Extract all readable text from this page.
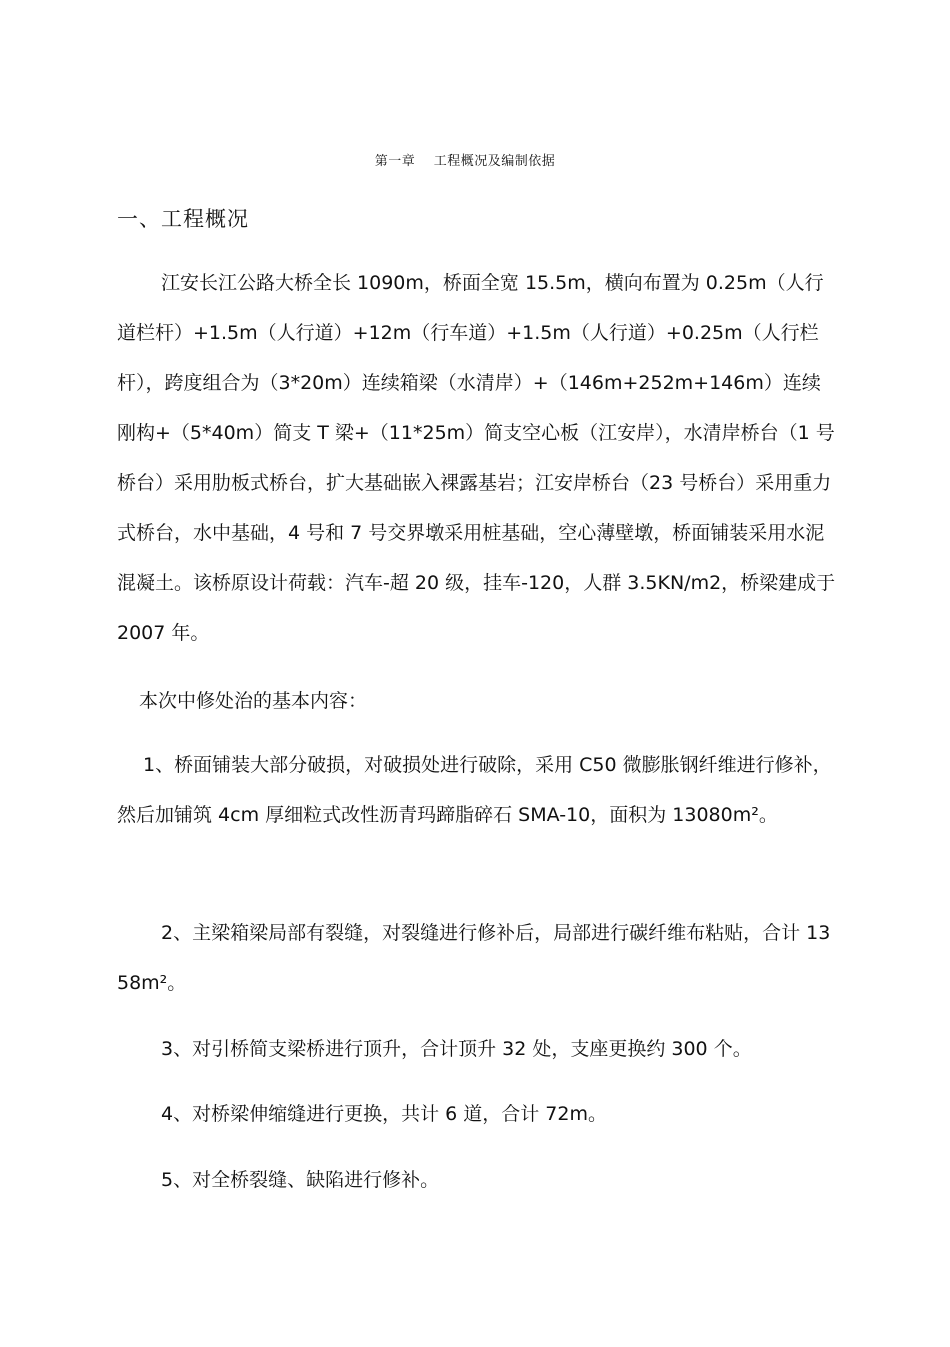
第一章    工程概况及编制依据
一、工程概况
江安长江公路大桥全长 1090m，桥面全宽 15.5m，横向布置为 0.25m（人行道栏杆）+1.5m（人行道）+12m（行车道）+1.5m（人行道）+0.25m（人行栏杆），跨度组合为（3*20m）连续箱梁（水清岸）+（146m+252m+146m）连续刚构+（5*40m）简支 T 梁+（11*25m）简支空心板（江安岸），水清岸桥台（1 号桥台）采用肋板式桥台，扩大基础嵌入裸露基岩；江安岸桥台（23 号桥台）采用重力式桥台，水中基础，4 号和 7 号交界墩采用桩基础，空心薄壁墩，桥面铺装采用水泥混凝土。该桥原设计荷载：汽车-超 20 级，挂车-120，人群 3.5KN/m2，桥梁建成于 2007 年。
本次中修处治的基本内容：
1、桥面铺装大部分破损，对破损处进行破除，采用 C50 微膨胀钢纤维进行修补，然后加铺筑 4cm 厚细粒式改性沥青玛蹄脂碎石 SMA-10，面积为 13080m²。
2、主梁箱梁局部有裂缝，对裂缝进行修补后，局部进行碳纤维布粘贴，合计 1358m²。
3、对引桥简支梁桥进行顶升，合计顶升 32 处，支座更换约 300 个。
4、对桥梁伸缩缝进行更换，共计 6 道，合计 72m。
5、对全桥裂缝、缺陷进行修补。
